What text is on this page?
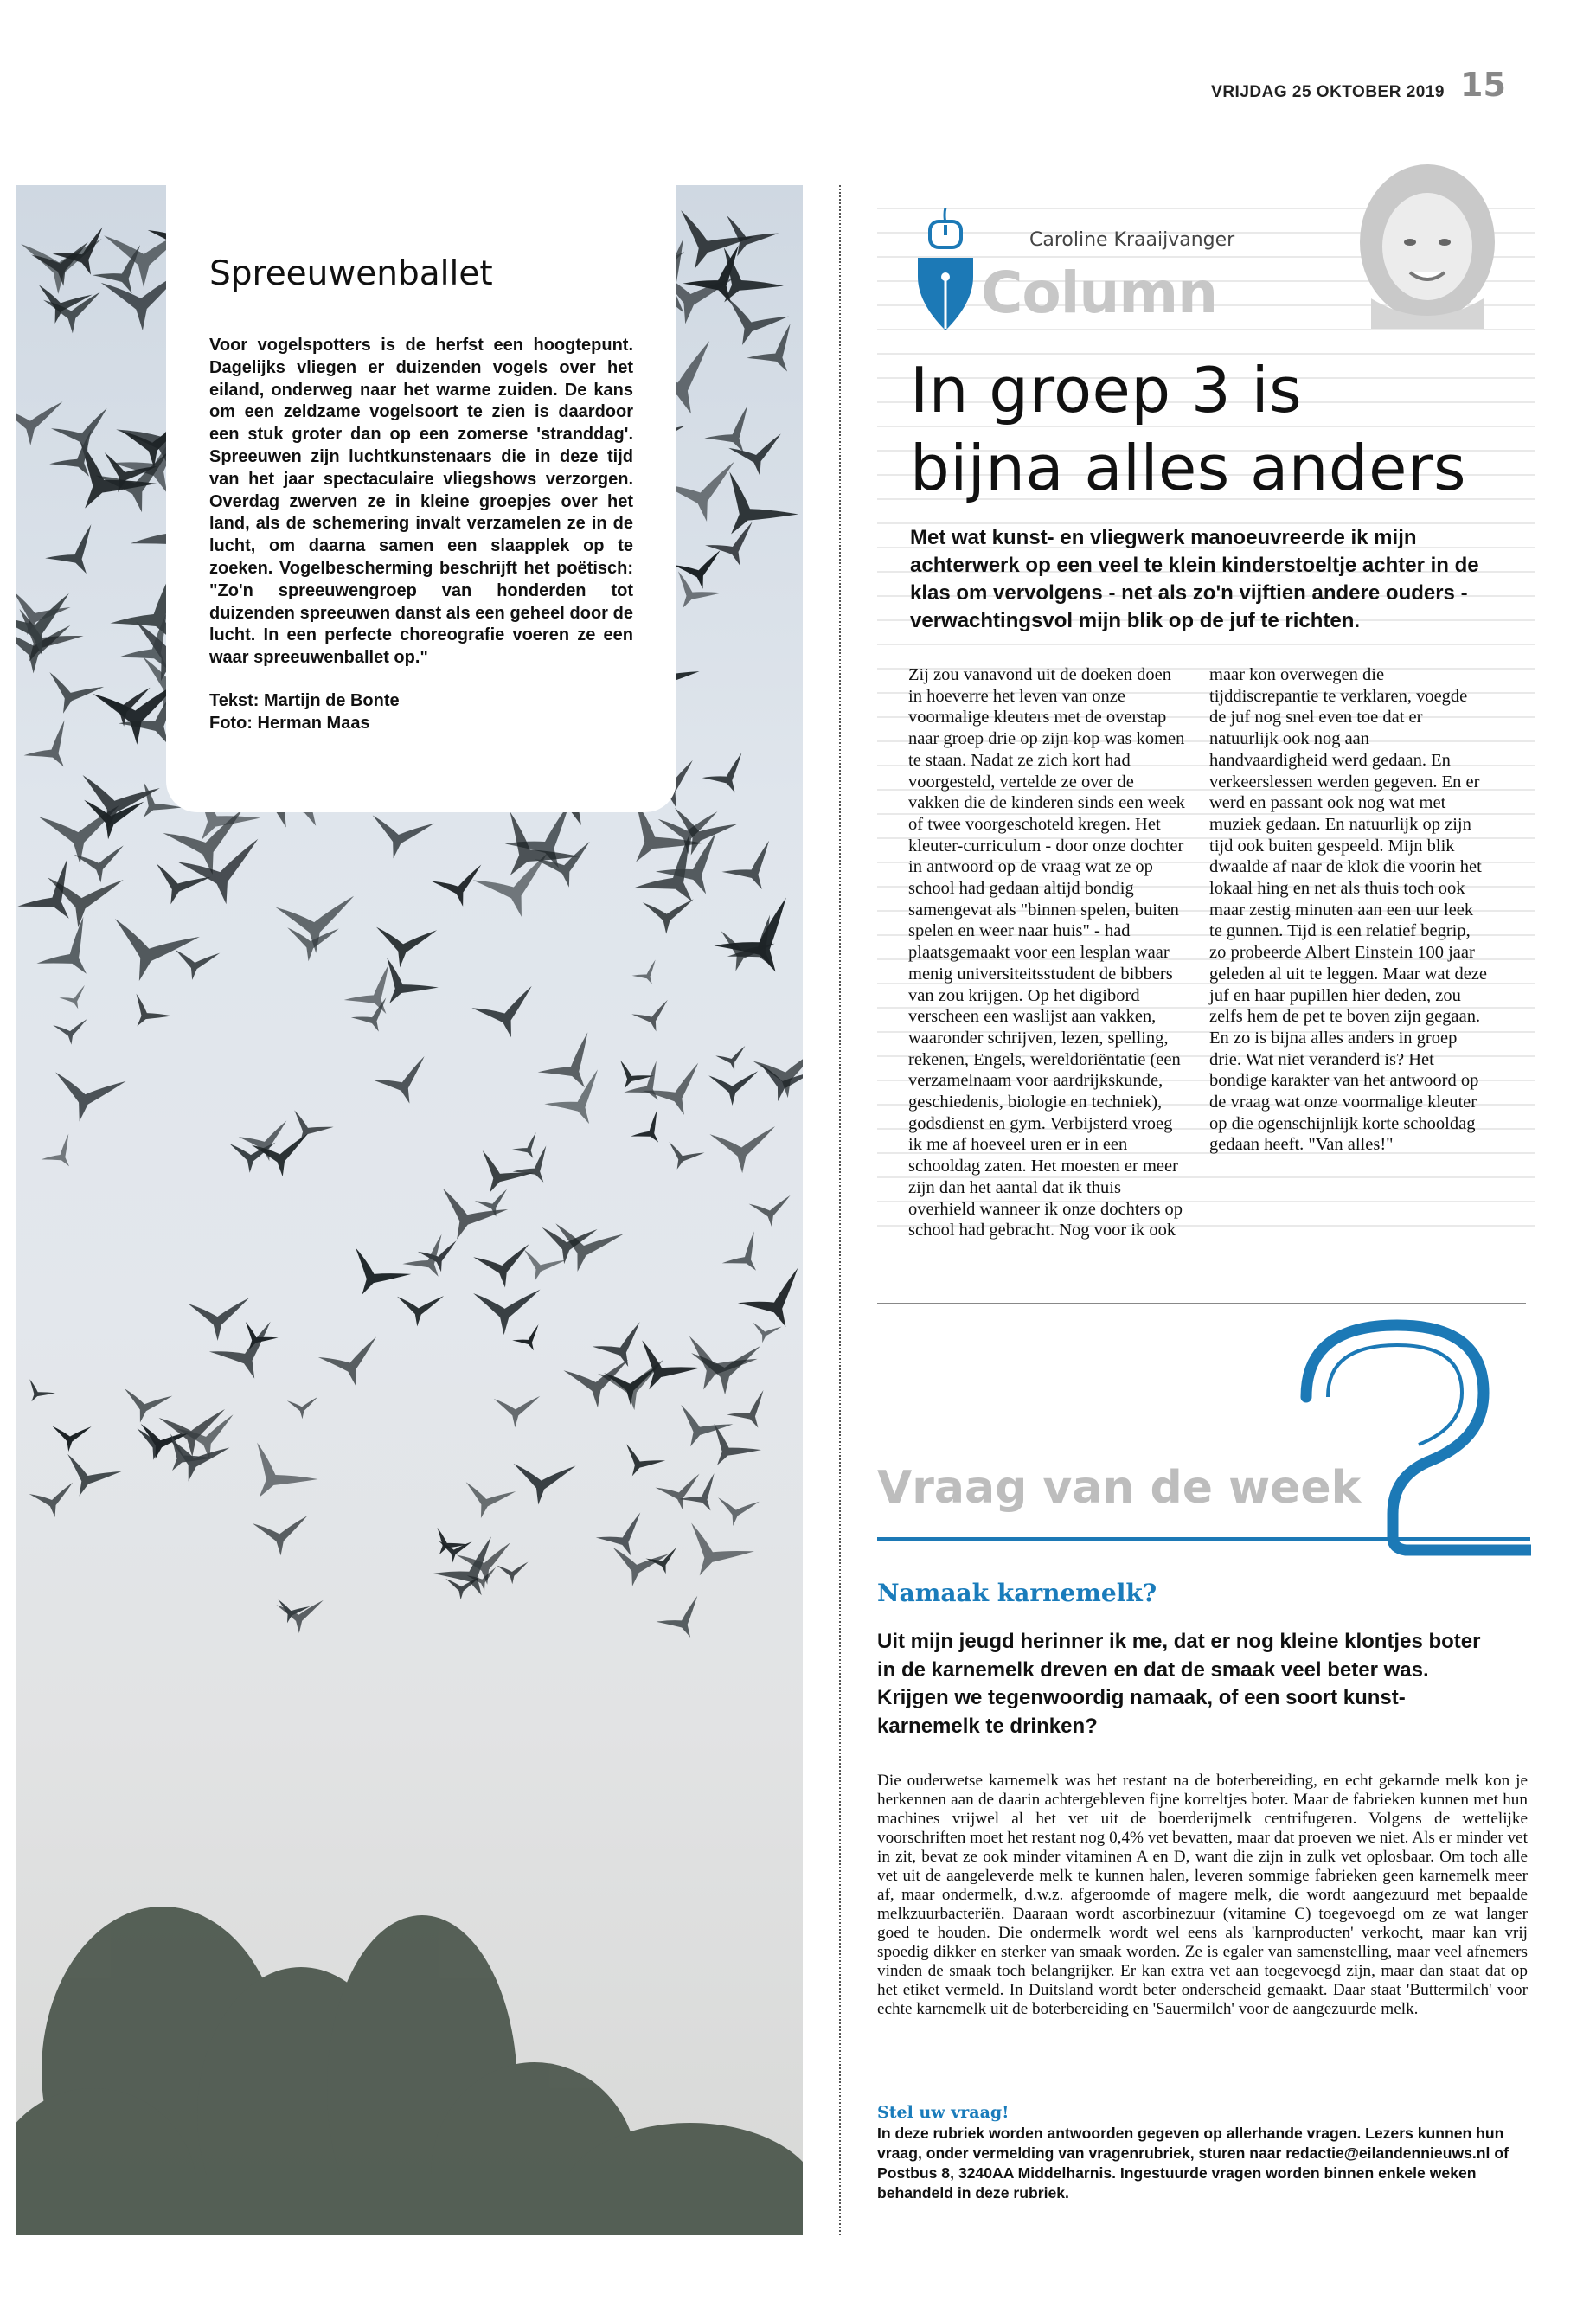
VRIJDAG 25 OKTOBER 2019 15
Spreeuwenballet

Voor vogelspotters is de herfst een hoogtepunt. Dagelijks vliegen er duizenden vogels over het eiland, onderweg naar het warme zuiden. De kans om een zeldzame vogelsoort te zien is daardoor een stuk groter dan op een zomerse 'stranddag'. Spreeuwen zijn luchtkunstenaars die in deze tijd van het jaar spectaculaire vliegshows verzorgen. Overdag zwerven ze in kleine groepjes over het land, als de schemering invalt verzamelen ze in de lucht, om daarna samen een slaapplek op te zoeken. Vogelbescherming beschrijft het poëtisch: "Zo'n spreeuwengroep van honderden tot duizenden spreeuwen danst als een geheel door de lucht. In een perfecte choreografie voeren ze een waar spreeuwenballet op."

Tekst: Martijn de Bonte
Foto: Herman Maas
Caroline Kraaijvanger
Column
In groep 3 is
bijna alles anders

Met wat kunst- en vliegwerk manoeuvreerde ik mijn achterwerk op een veel te klein kinderstoeltje achter in de klas om vervolgens - net als zo'n vijftien andere ouders - verwachtingsvol mijn blik op de juf te richten.

Zij zou vanavond uit de doeken doen in hoeverre het leven van onze voormalige kleuters met de overstap naar groep drie op zijn kop was komen te staan. Nadat ze zich kort had voorgesteld, vertelde ze over de vakken die de kinderen sinds een week of twee voorgeschoteld kregen. Het kleuter-curriculum - door onze dochter in antwoord op de vraag wat ze op school had gedaan altijd bondig samengevat als "binnen spelen, buiten spelen en weer naar huis" - had plaatsgemaakt voor een lesplan waar menig universiteitsstudent de bibbers van zou krijgen. Op het digibord verscheen een waslijst aan vakken, waaronder schrijven, lezen, spelling, rekenen, Engels, wereldoriëntatie (een verzamelnaam voor aardrijkskunde, geschiedenis, biologie en techniek), godsdienst en gym. Verbijsterd vroeg ik me af hoeveel uren er in een schooldag zaten. Het moesten er meer zijn dan het aantal dat ik thuis overhield wanneer ik onze dochters op school had gebracht. Nog voor ik ook maar kon overwegen die tijddiscrepantie te verklaren, voegde de juf nog snel even toe dat er natuurlijk ook nog aan handvaardigheid werd gedaan. En verkeerslessen werden gegeven. En er werd en passant ook nog wat met muziek gedaan. En natuurlijk op zijn tijd ook buiten gespeeld. Mijn blik dwaalde af naar de klok die voorin het lokaal hing en net als thuis toch ook maar zestig minuten aan een uur leek te gunnen. Tijd is een relatief begrip, zo probeerde Albert Einstein 100 jaar geleden al uit te leggen. Maar wat deze juf en haar pupillen hier deden, zou zelfs hem de pet te boven zijn gegaan. En zo is bijna alles anders in groep drie. Wat niet veranderd is? Het bondige karakter van het antwoord op de vraag wat onze voormalige kleuter op die ogenschijnlijk korte schooldag gedaan heeft. "Van alles!"
Vraag van de week
Namaak karnemelk?

Uit mijn jeugd herinner ik me, dat er nog kleine klontjes boter in de karnemelk dreven en dat de smaak veel beter was. Krijgen we tegenwoordig namaak, of een soort kunst-karnemelk te drinken?

Die ouderwetse karnemelk was het restant na de boterbereiding, en echt gekarnde melk kon je herkennen aan de daarin achtergebleven fijne korreltjes boter. Maar de fabrieken kunnen met hun machines vrijwel al het vet uit de boerderijmelk centrifugeren. Volgens de wettelijke voorschriften moet het restant nog 0,4% vet bevatten, maar dat proeven we niet. Als er minder vet in zit, bevat ze ook minder vitaminen A en D, want die zijn in zulk vet oplosbaar. Om toch alle vet uit de aangeleverde melk te kunnen halen, leveren sommige fabrieken geen karnemelk meer af, maar ondermelk, d.w.z. afgeroomde of magere melk, die wordt aangezuurd met bepaalde melkzuurbacteriën. Daaraan wordt ascorbinezuur (vitamine C) toegevoegd om ze wat langer goed te houden. Die ondermelk wordt wel eens als 'karnproducten' verkocht, maar kan vrij spoedig dikker en sterker van smaak worden. Ze is egaler van samenstelling, maar veel afnemers vinden de smaak toch belangrijker. Er kan extra vet aan toegevoegd zijn, maar dan staat dat op het etiket vermeld. In Duitsland wordt beter onderscheid gemaakt. Daar staat 'Buttermilch' voor echte karnemelk uit de boterbereiding en 'Sauermilch' voor de aangezuurde melk.

Stel uw vraag!

In deze rubriek worden antwoorden gegeven op allerhande vragen. Lezers kunnen hun vraag, onder vermelding van vragenrubriek, sturen naar redactie@eilandennieuws.nl of Postbus 8, 3240AA Middelharnis. Ingestuurde vragen worden binnen enkele weken behandeld in deze rubriek.
